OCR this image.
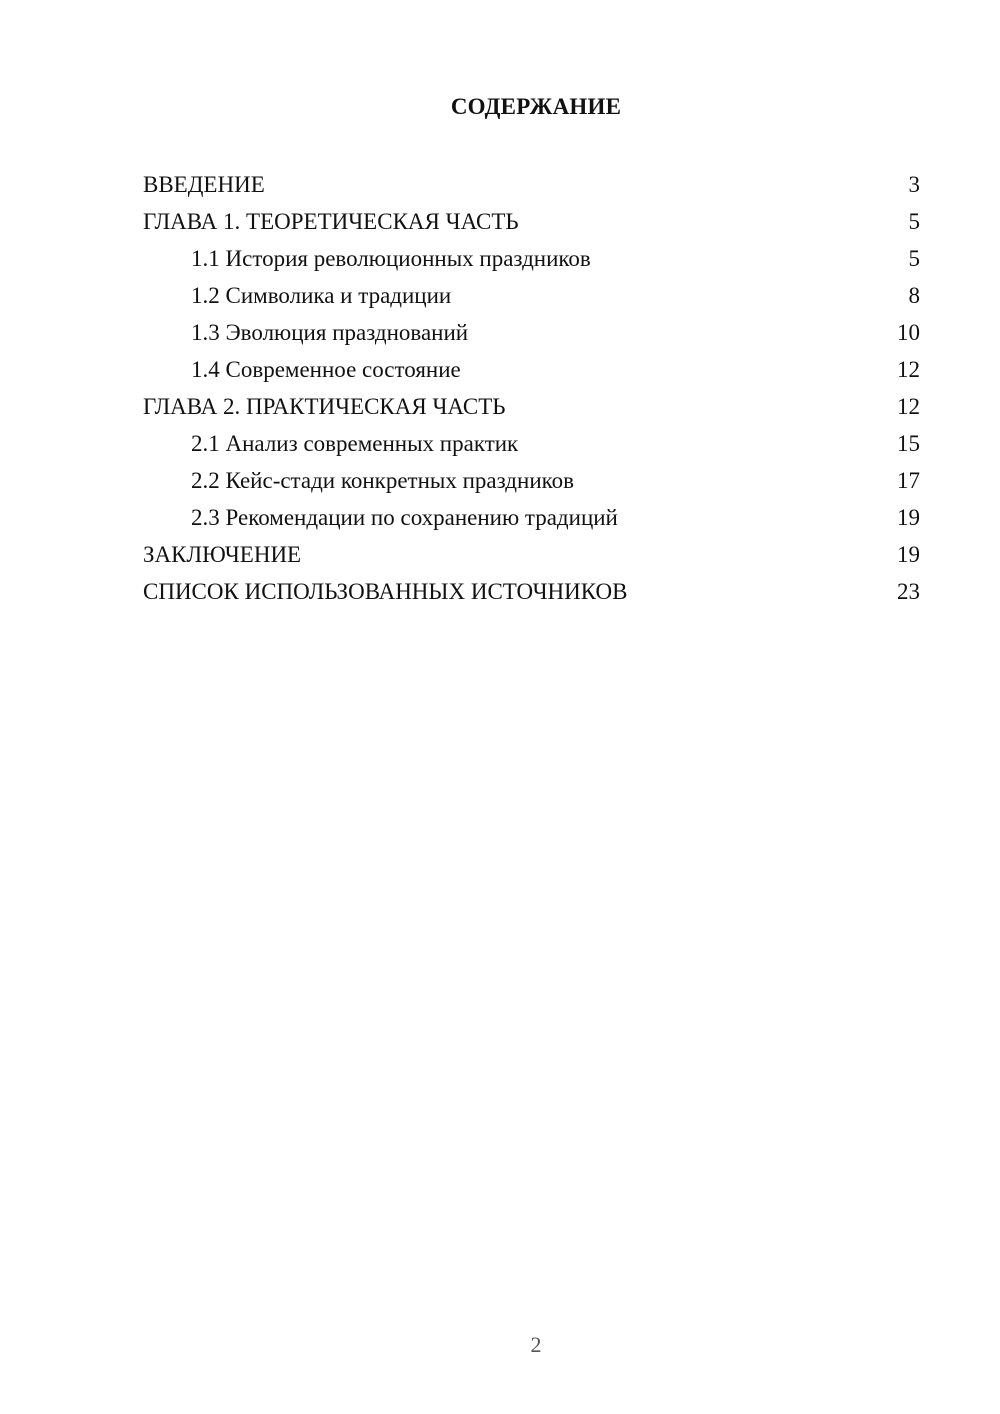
СОДЕРЖАНИЕ
ВВЕДЕНИЕ	3
ГЛАВА 1. ТЕОРЕТИЧЕСКАЯ ЧАСТЬ	5
1.1 История революционных праздников	5
1.2 Символика и традиции	8
1.3 Эволюция празднований	10
1.4 Современное состояние	12
ГЛАВА 2. ПРАКТИЧЕСКАЯ ЧАСТЬ	12
2.1 Анализ современных практик	15
2.2 Кейс-стади конкретных праздников	17
2.3 Рекомендации по сохранению традиций	19
ЗАКЛЮЧЕНИЕ	19
СПИСОК ИСПОЛЬЗОВАННЫХ ИСТОЧНИКОВ	23
2
